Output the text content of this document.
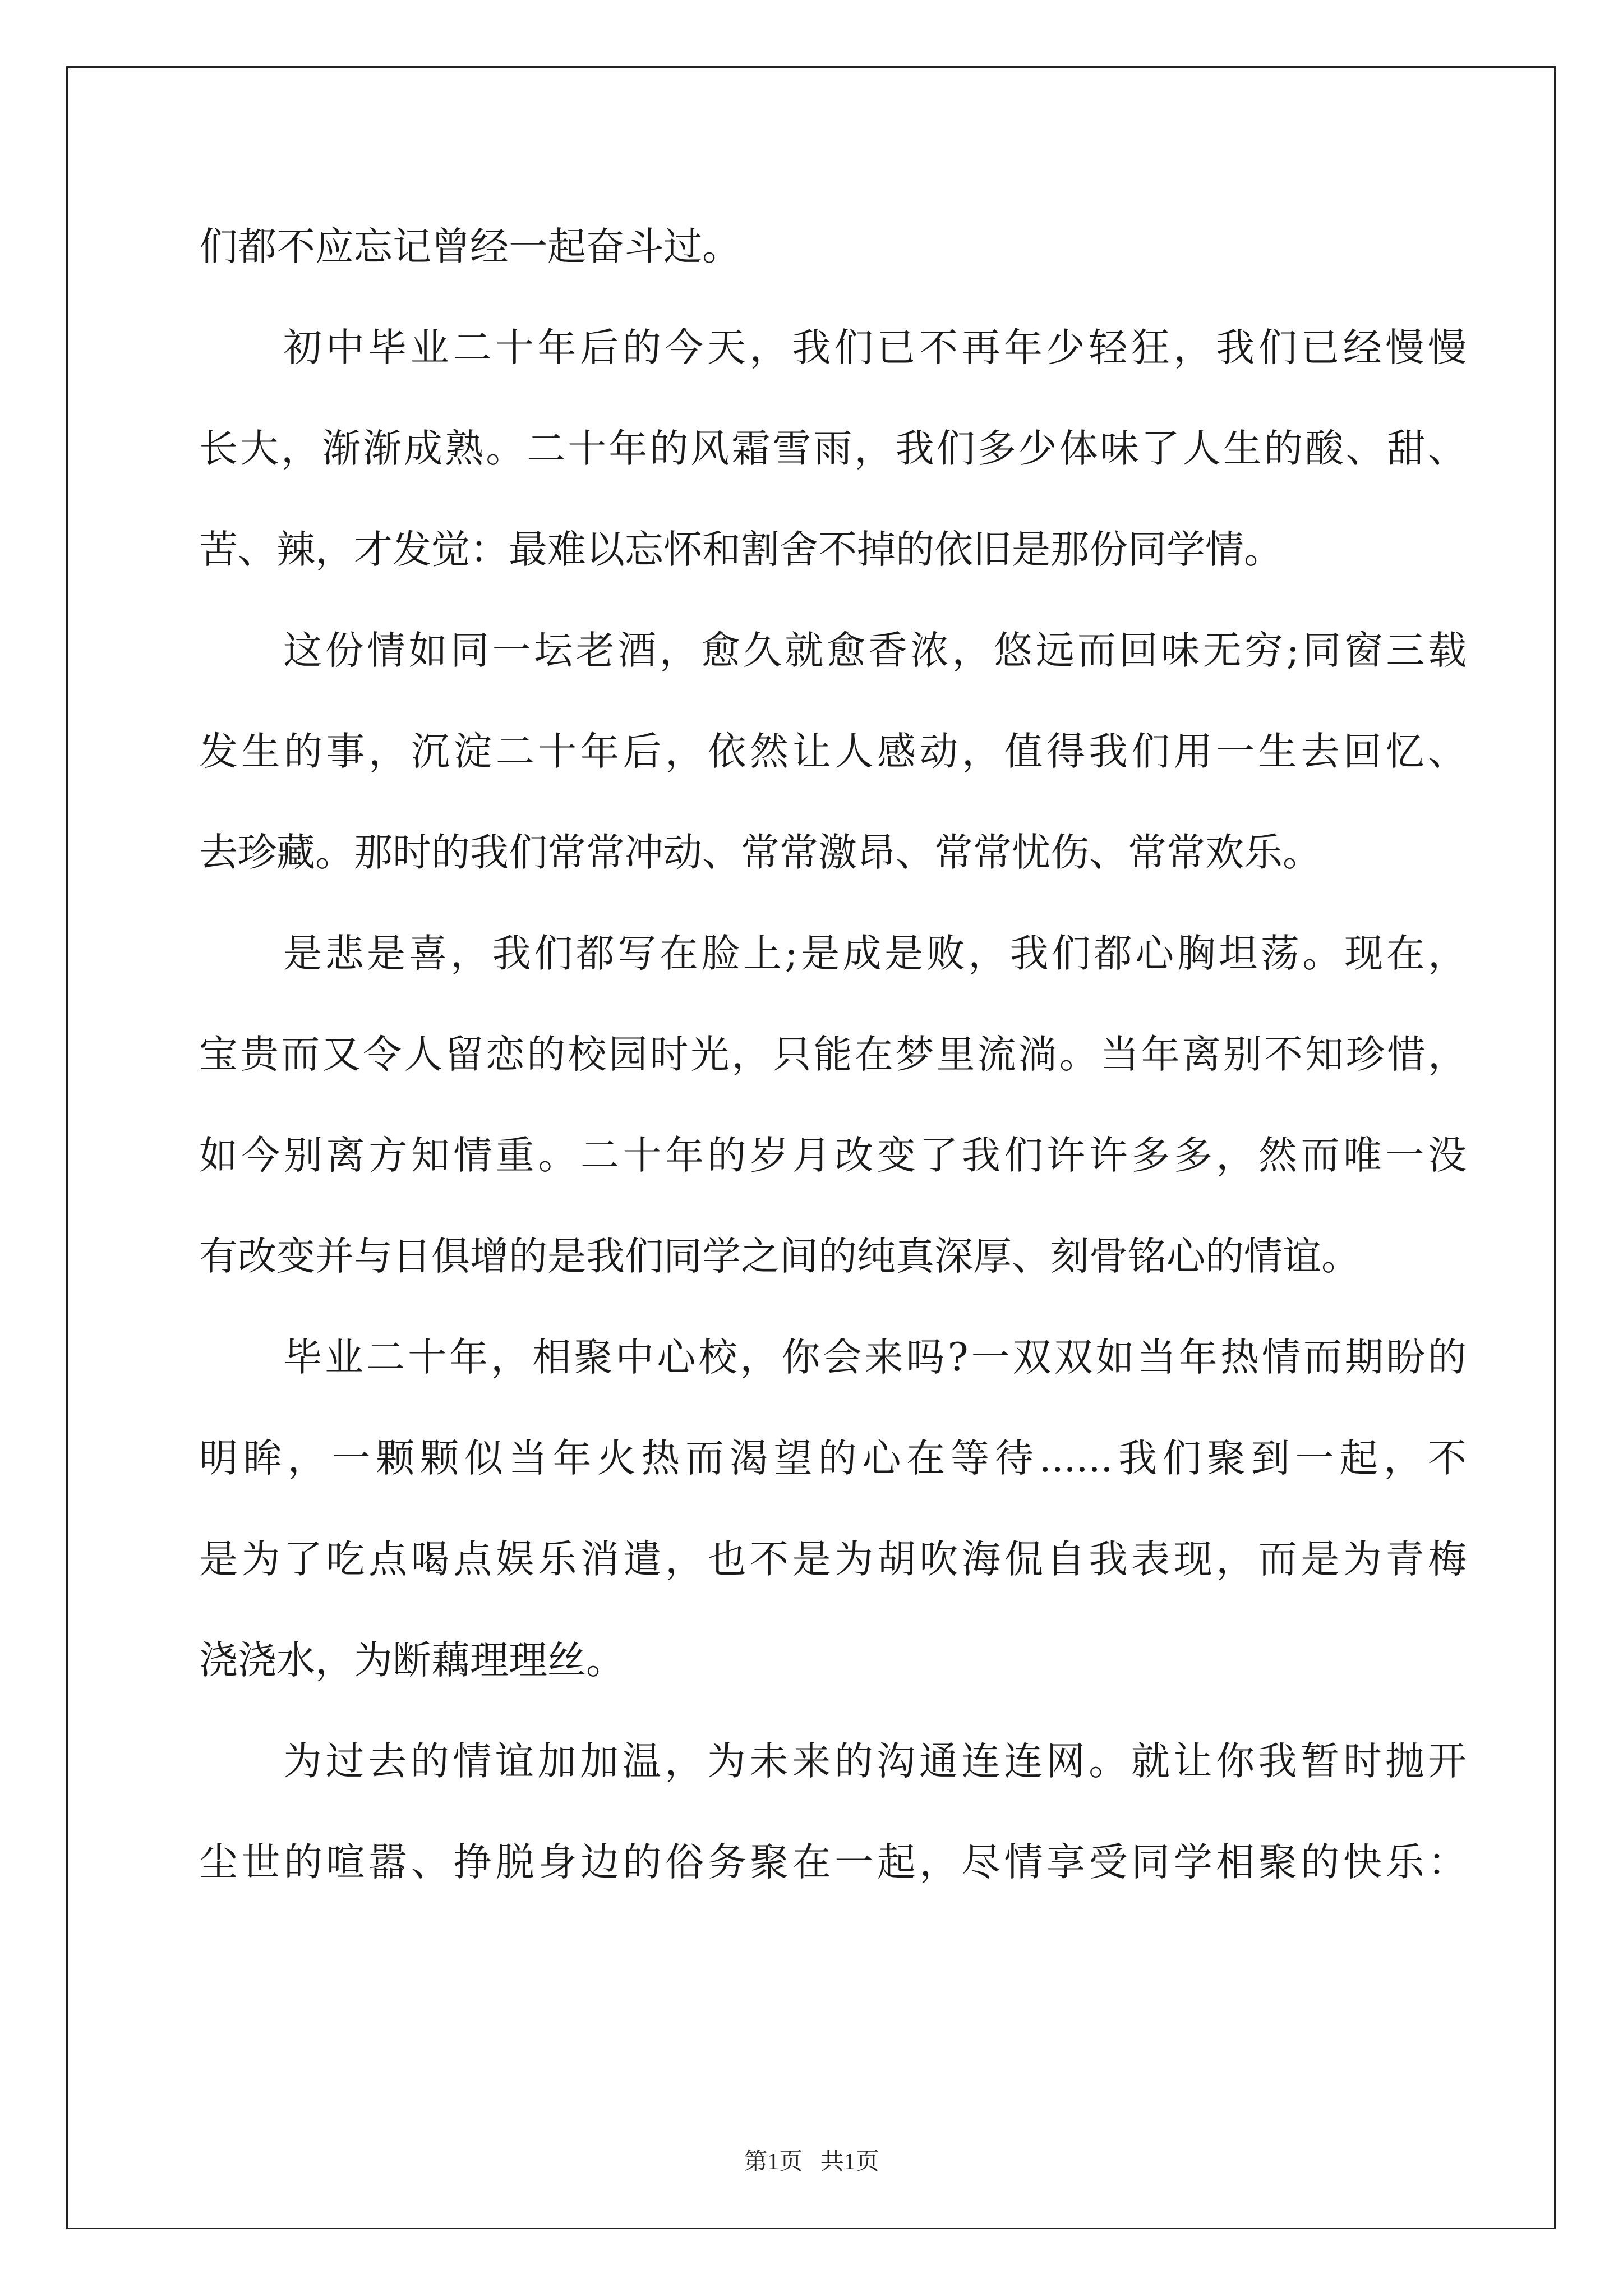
们都不应忘记曾经一起奋斗过。
初中毕业二十年后的今天，我们已不再年少轻狂，我们已经慢慢
长大，渐渐成熟。二十年的风霜雪雨，我们多少体味了人生的酸、甜、
苦、辣，才发觉：最难以忘怀和割舍不掉的依旧是那份同学情。
这份情如同一坛老酒，愈久就愈香浓，悠远而回味无穷;同窗三载
发生的事，沉淀二十年后，依然让人感动，值得我们用一生去回忆、
去珍藏。那时的我们常常冲动、常常激昂、常常忧伤、常常欢乐。
是悲是喜，我们都写在脸上;是成是败，我们都心胸坦荡。现在，
宝贵而又令人留恋的校园时光，只能在梦里流淌。当年离别不知珍惜，
如今别离方知情重。二十年的岁月改变了我们许许多多，然而唯一没
有改变并与日俱增的是我们同学之间的纯真深厚、刻骨铭心的情谊。
毕业二十年，相聚中心校，你会来吗?一双双如当年热情而期盼的
明眸，一颗颗似当年火热而渴望的心在等待......我们聚到一起，不
是为了吃点喝点娱乐消遣，也不是为胡吹海侃自我表现，而是为青梅
浇浇水，为断藕理理丝。
为过去的情谊加加温，为未来的沟通连连网。就让你我暂时抛开
尘世的喧嚣、挣脱身边的俗务聚在一起，尽情享受同学相聚的快乐：
第1页   共1页
